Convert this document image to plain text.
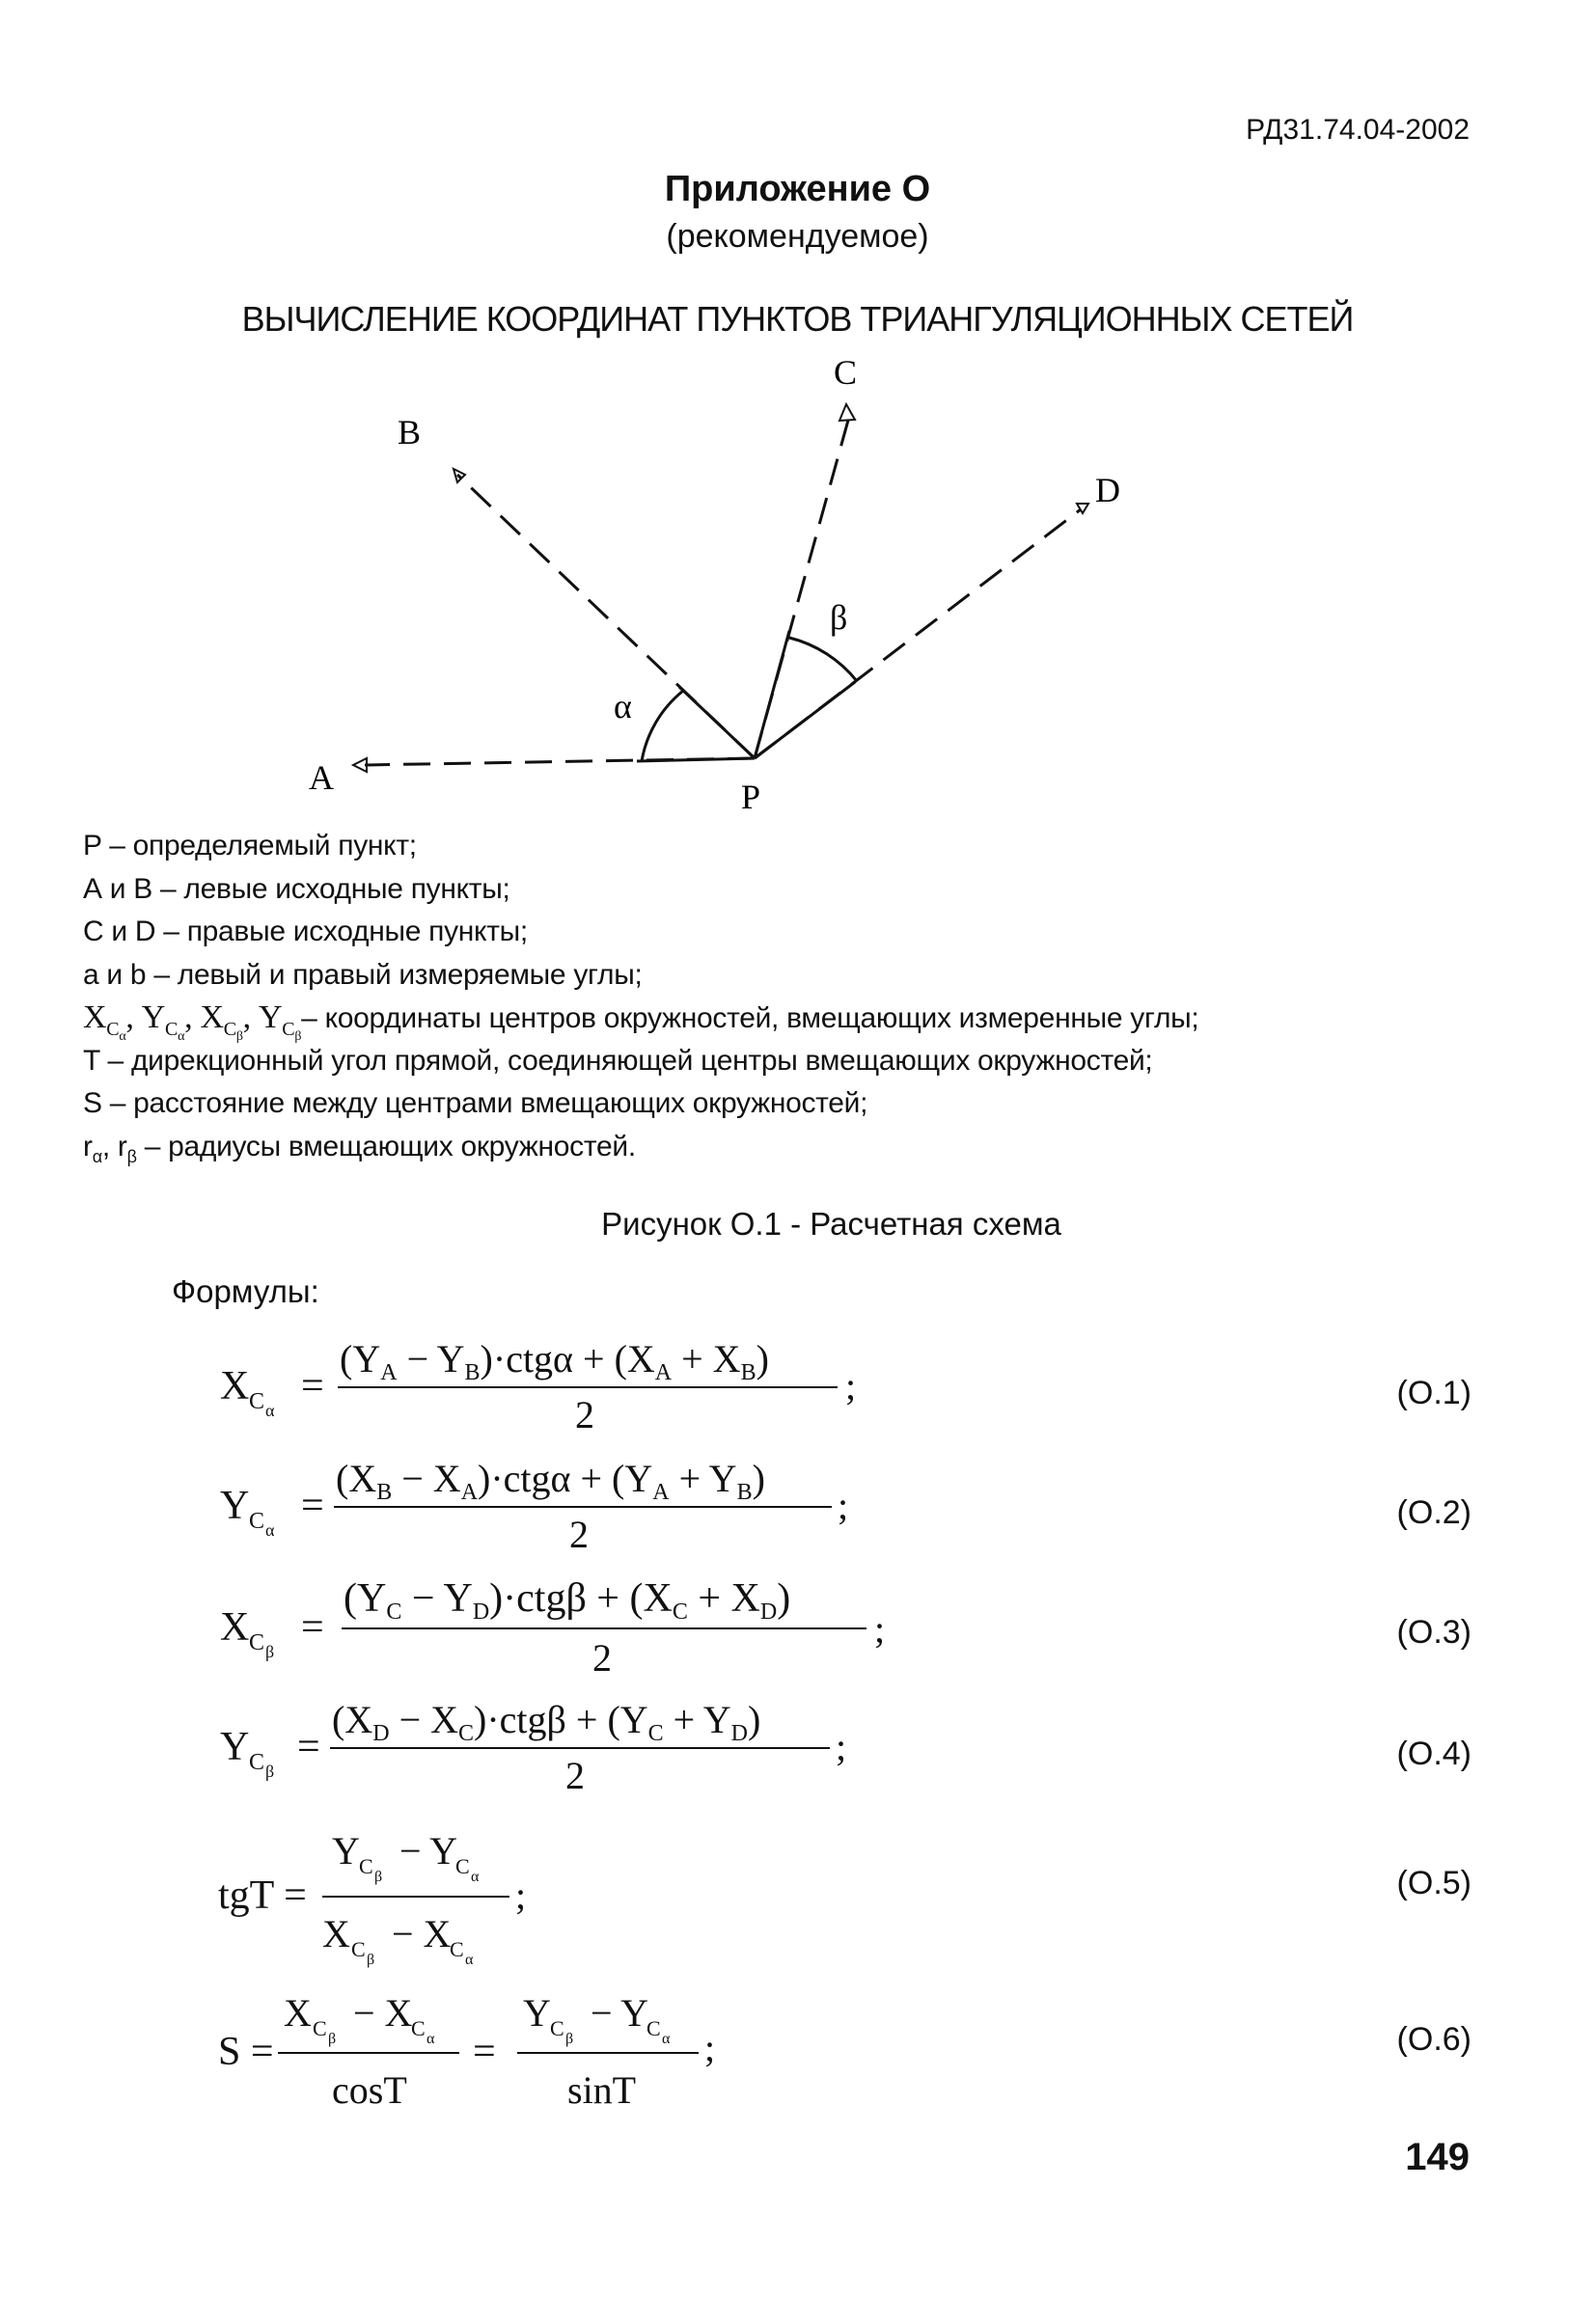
РД31.74.04-2002
Приложение О
(рекомендуемое)
ВЫЧИСЛЕНИЕ КООРДИНАТ ПУНКТОВ ТРИАНГУЛЯЦИОННЫХ СЕТЕЙ
A
B
C
D
P
α
β
P – определяемый пункт;
А и В – левые исходные пункты;
С и D – правые исходные пункты;
а и b – левый и правый измеряемые углы;
$X_{C_\alpha}$, $Y_{C_\alpha}$, $X_{C_\beta}$, $Y_{C_\beta}-$ координаты центров окружностей, вмещающих измеренные углы;
T – дирекционный угол прямой, соединяющей центры вмещающих окружностей;
S – расстояние между центрами вмещающих окружностей;
$r_\alpha$, $r_\beta$ – радиусы вмещающих окружностей.
Рисунок О.1 - Расчетная схема
Формулы:
X C α
=
$(Y_A - Y_B)\cdot ctg\alpha + (X_A + X_B)$
2
;
Y C α
=
$(X_B - X_A)\cdot ctg\alpha + (Y_A + Y_B)$
2
;
X C β
=
(YC − YD)·ctgβ + (XC + XD)
2
;
Y C β
=
$(X_D - X_C)\cdot ctg\beta + (Y_C + Y_D)$
2
;
tgT =
Y C β
− Y
C α
X C β
− X
C α
;
S =
X C β
− X
C α
cosT
=
Y C β
− Y
C α
sinT
;
(О.1)
(О.2)
(О.3)
(О.4)
(О.5)
(О.6)
149
